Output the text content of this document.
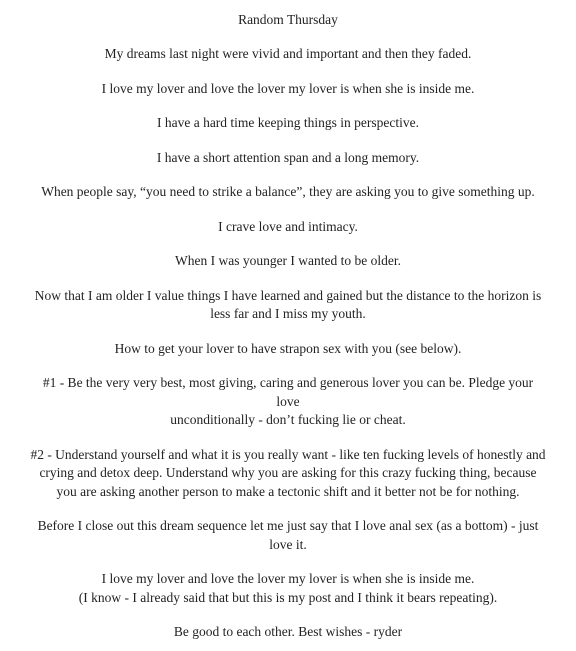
Random Thursday
My dreams last night were vivid and important and then they faded.
I love my lover and love the lover my lover is when she is inside me.
I have a hard time keeping things in perspective.
I have a short attention span and a long memory.
When people say, “you need to strike a balance”, they are asking you to give something up.
I crave love and intimacy.
When I was younger I wanted to be older.
Now that I am older I value things I have learned and gained but the distance to the horizon is
less far and I miss my youth.
How to get your lover to have strapon sex with you (see below).
#1 - Be the very very best, most giving, caring and generous lover you can be. Pledge your love
unconditionally - don’t fucking lie or cheat.
#2 - Understand yourself and what it is you really want - like ten fucking levels of honestly and
crying and detox deep. Understand why you are asking for this crazy fucking thing, because
you are asking another person to make a tectonic shift and it better not be for nothing.
Before I close out this dream sequence let me just say that I love anal sex (as a bottom) - just
love it.
I love my lover and love the lover my lover is when she is inside me.
(I know - I already said that but this is my post and I think it bears repeating).
Be good to each other. Best wishes - ryder
